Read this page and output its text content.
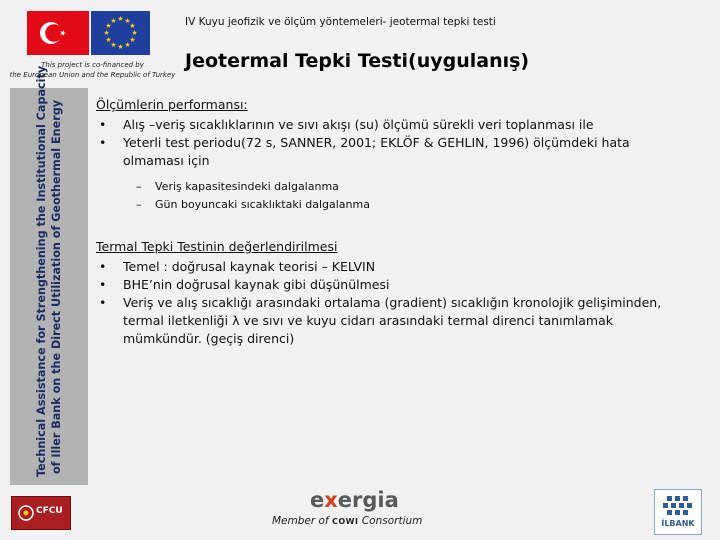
★ ★
★
★
★
★
★
★
★
★
★
★
This project is co-financed by
the European Union and the Republic of Turkey
IV Kuyu jeofizik ve ölçüm yöntemeleri- jeotermal tepki testi
Jeotermal Tepki Testi(uygulanış)
Technical Assistance for Strengthening the Institutional Capacity of Iller Bank on the Direct Utilization of Geothermal Energy	Ölçümlerin performansı:
• Alış –veriş sıcaklıklarının ve sıvı akışı (su) ölçümü sürekli veri toplanması ile
• Yeterli test periodu(72 s, SANNER, 2001; EKLÖF & GEHLIN, 1996) ölçümdeki hata olmaması için
– Veriş kapasitesindeki dalgalanma
– Gün boyuncaki sıcaklıktaki dalgalanma
Termal Tepki Testinin değerlendirilmesi
• Temel : doğrusal kaynak teorisi – KELVIN
• BHE’nin doğrusal kaynak gibi düşünülmesi
• Veriş ve alış sıcaklığı arasındaki ortalama (gradient) sıcaklığın kronolojik gelişiminden, termal iletkenliği λ ve sıvı ve kuyu cidarı arasındaki termal direnci tanımlamak mümkündür. (geçiş direnci)
CFCU	exergia
Member of COWI Consortium	İLBANK
